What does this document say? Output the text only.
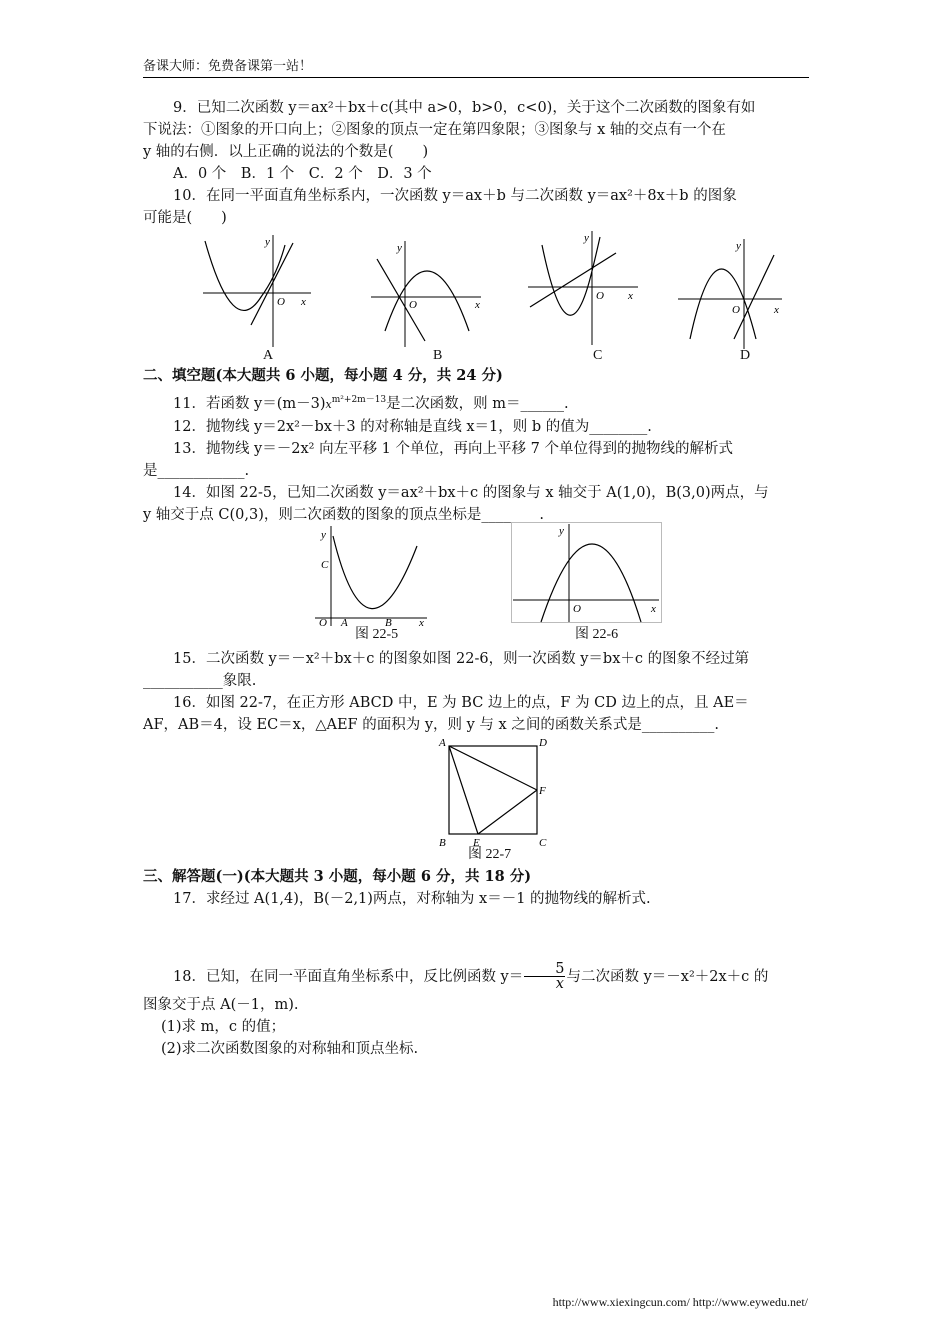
备课大师：免费备课第一站！

9．已知二次函数 y＝ax²＋bx＋c(其中 a>0，b>0，c<0)，关于这个二次函数的图象有如

下说法：①图象的开口向上；②图象的顶点一定在第四象限；③图象与 x 轴的交点有一个在

y 轴的右侧．以上正确的说法的个数是(　　)

A．0 个　B．1 个　C．2 个　D．3 个

10．在同一平面直角坐标系内，一次函数 y＝ax＋b 与二次函数 y＝ax²＋8x＋b 的图象

可能是(　　)

O x
y
O	x
y
O x
y
O	x
y
A	B	C	D

二、填空题(本大题共 6 小题，每小题 4 分，共 24 分)

11．若函数 $y=(m-3)x^{m^2+2m-13}$是二次函数，则 m＝______.

12．抛物线 y＝2x²－bx＋3 的对称轴是直线 x＝1，则 b 的值为________.

13．抛物线 y＝－2x² 向左平移 1 个单位，再向上平移 7 个单位得到的抛物线的解析式

是____________.

14．如图 22-5，已知二次函数 y＝ax²＋bx＋c 的图象与 x 轴交于 A(1,0)，B(3,0)两点，与

y 轴交于点 C(0,3)，则二次函数的图象的顶点坐标是________.

y
C
O A	B x
图 22-5
y
O	x
图 22-6

15．二次函数 y＝－x²＋bx＋c 的图象如图 22-6，则一次函数 y＝bx＋c 的图象不经过第

___________象限.

16．如图 22-7，在正方形 ABCD 中，E 为 BC 边上的点，F 为 CD 边上的点，且 AE＝

AF，AB＝4，设 EC＝x，△AEF 的面积为 y，则 y 与 x 之间的函数关系式是__________.

A	D
F
B E	C
图 22-7

三、解答题(一)(本大题共 3 小题，每小题 6 分，共 18 分)

17．求经过 A(1,4)，B(－2,1)两点，对称轴为 x＝－1 的抛物线的解析式.

18．已知，在同一平面直角坐标系中，反比例函数 $y= \frac{5}{x}$ 与二次函数 y＝－x²＋2x＋c 的

图象交于点 A(－1，m).

(1)求 m，c 的值；

(2)求二次函数图象的对称轴和顶点坐标.

http://www.xiexingcun.com/ http://www.eywedu.net/
